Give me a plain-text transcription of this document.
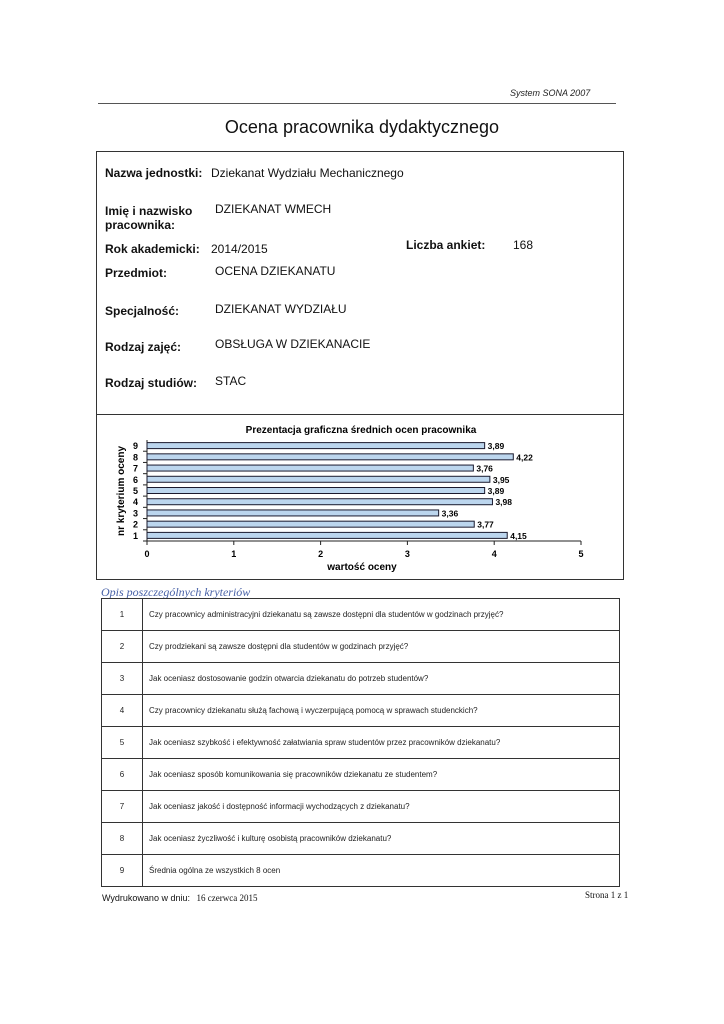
System SONA 2007
Ocena pracownika dydaktycznego
Nazwa jednostki: Dziekanat Wydziału Mechanicznego
Imię i nazwisko
pracownika:
DZIEKANAT WMECH
Rok akademicki: 2014/2015	Liczba ankiet: 168
Przedmiot:	OCENA DZIEKANATU
Specjalność:	DZIEKANAT WYDZIAŁU
Rodzaj zajęć:	OBSŁUGA W DZIEKANACIE
Rodzaj studiów: STAC
Prezentacja graficzna średnich ocen pracownika
nr kryterium oceny
wartość oceny
0	1	2	3	4	5
9	3,89
8	4,22
7	3,76
6	3,95
5	3,89
4	3,98
3	3,36
2	3,77
1	4,15
Opis poszczególnych kryteriów
1	Czy pracownicy administracyjni dziekanatu są zawsze dostępni dla studentów w godzinach przyjęć?
2	Czy prodziekani są zawsze dostępni dla studentów w godzinach przyjęć?
3	Jak oceniasz dostosowanie godzin otwarcia dziekanatu do potrzeb studentów?
4	Czy pracownicy dziekanatu służą fachową i wyczerpującą pomocą w sprawach studenckich?
5	Jak oceniasz szybkość i efektywność załatwiania spraw studentów przez pracowników dziekanatu?
6	Jak oceniasz sposób komunikowania się pracowników dziekanatu ze studentem?
7	Jak oceniasz jakość i dostępność informacji wychodzących z dziekanatu?
8	Jak oceniasz życzliwość i kulturę osobistą pracowników dziekanatu?
9	Średnia ogólna ze wszystkich 8 ocen
Wydrukowano w dniu: 16 czerwca 2015	Strona 1 z 1
